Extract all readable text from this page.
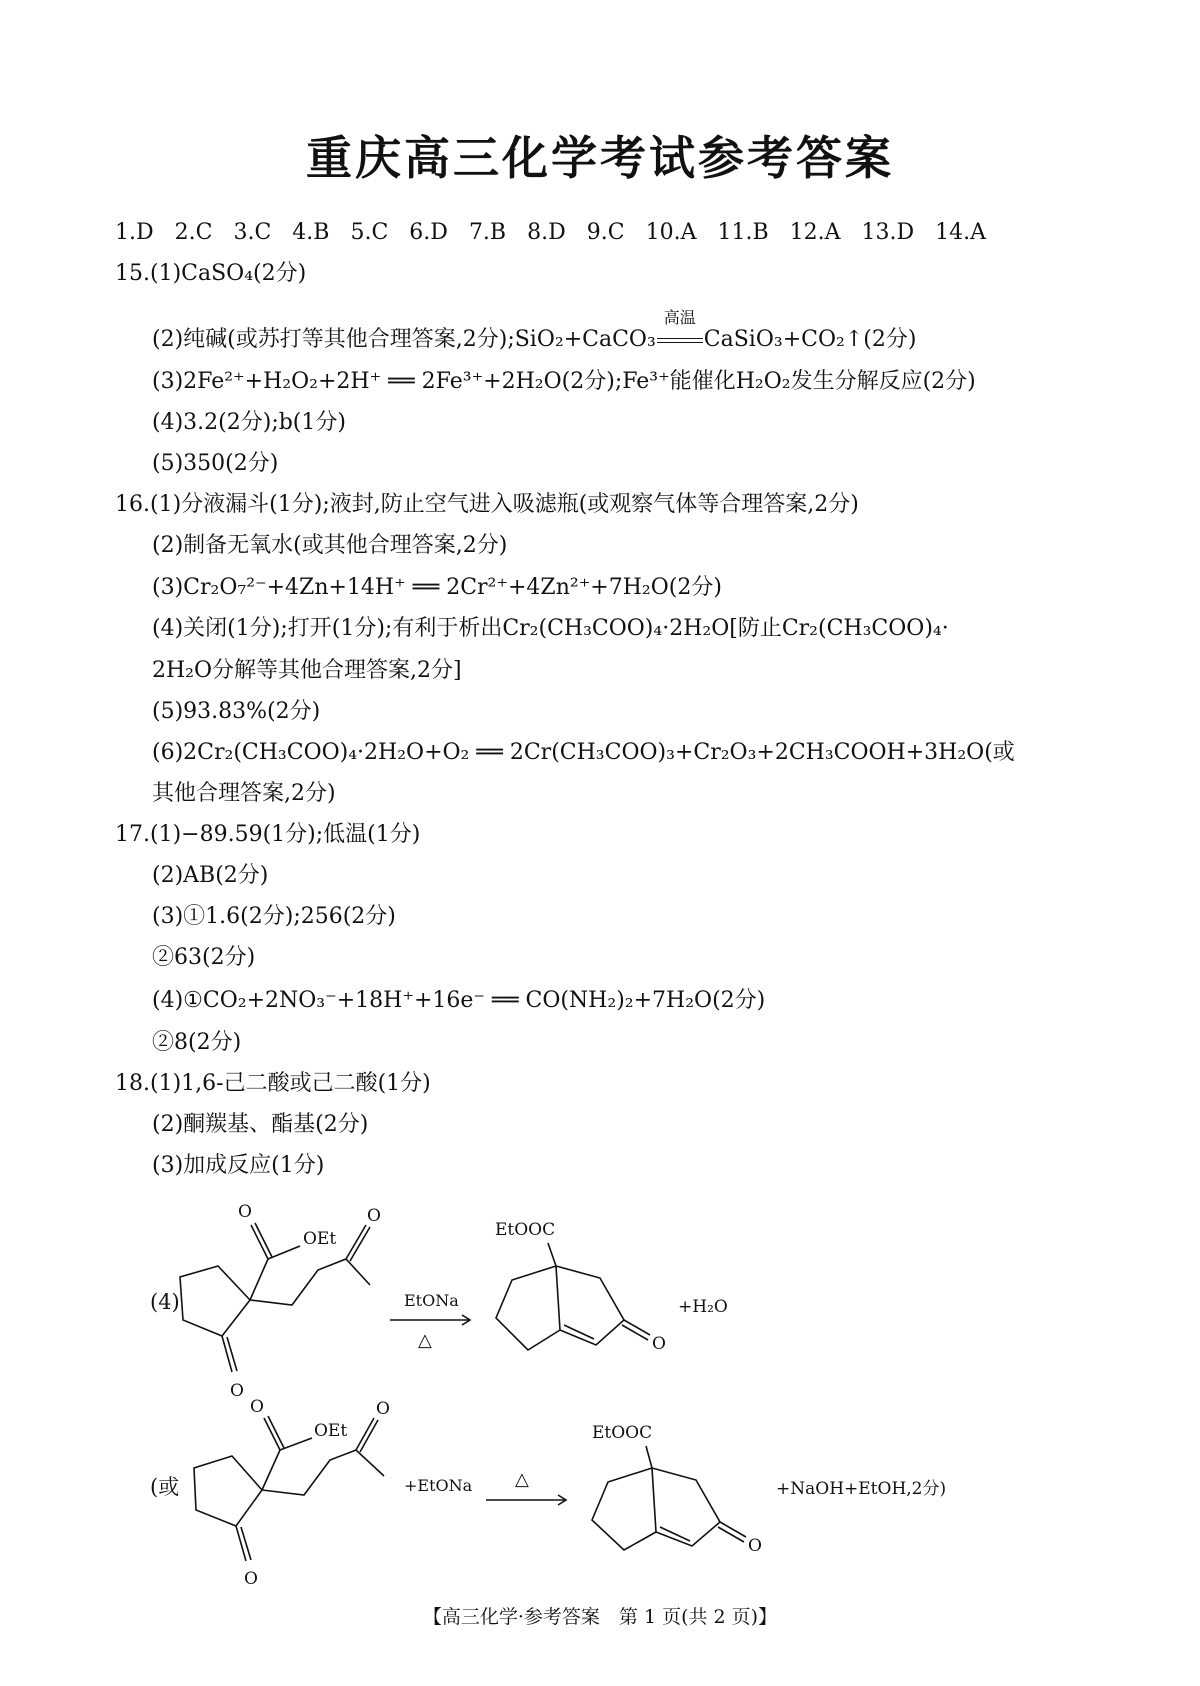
重庆高三化学考试参考答案
1.D 2.C 3.C 4.B 5.C 6.D 7.B 8.D 9.C 10.A 11.B 12.A 13.D 14.A
15.(1)CaSO₄(2分)
(2)纯碱(或苏打等其他合理答案,2分);SiO₂+CaCO₃
高温
CaSiO₃+CO₂↑(2分)
(3)2Fe²⁺+H₂O₂+2H⁺ ══ 2Fe³⁺+2H₂O(2分);Fe³⁺能催化H₂O₂发生分解反应(2分)
(4)3.2(2分);b(1分)
(5)350(2分)
16.(1)分液漏斗(1分);液封,防止空气进入吸滤瓶(或观察气体等合理答案,2分)
(2)制备无氧水(或其他合理答案,2分)
(3)Cr₂O₇²⁻+4Zn+14H⁺ ══ 2Cr²⁺+4Zn²⁺+7H₂O(2分)
(4)关闭(1分);打开(1分);有利于析出Cr₂(CH₃COO)₄·2H₂O[防止Cr₂(CH₃COO)₄·
2H₂O分解等其他合理答案,2分]
(5)93.83%(2分)
(6)2Cr₂(CH₃COO)₄·2H₂O+O₂ ══ 2Cr(CH₃COO)₃+Cr₂O₃+2CH₃COOH+3H₂O(或
其他合理答案,2分)
17.(1)−89.59(1分);低温(1分)
(2)AB(2分)
(3)①1.6(2分);256(2分)
②63(2分)
(4)①CO₂+2NO₃⁻+18H⁺+16e⁻ ══ CO(NH₂)₂+7H₂O(2分)
②8(2分)
18.(1)1,6-己二酸或己二酸(1分)
(2)酮羰基、酯基(2分)
(3)加成反应(1分)
(4)
O
O
OEt
O
EtONa
△
EtOOC
O
+H₂O
(或
O
O
OEt
O
+EtONa △
EtOOC
O
+NaOH+EtOH,2分)
【高三化学·参考答案　第 1 页(共 2 页)】
